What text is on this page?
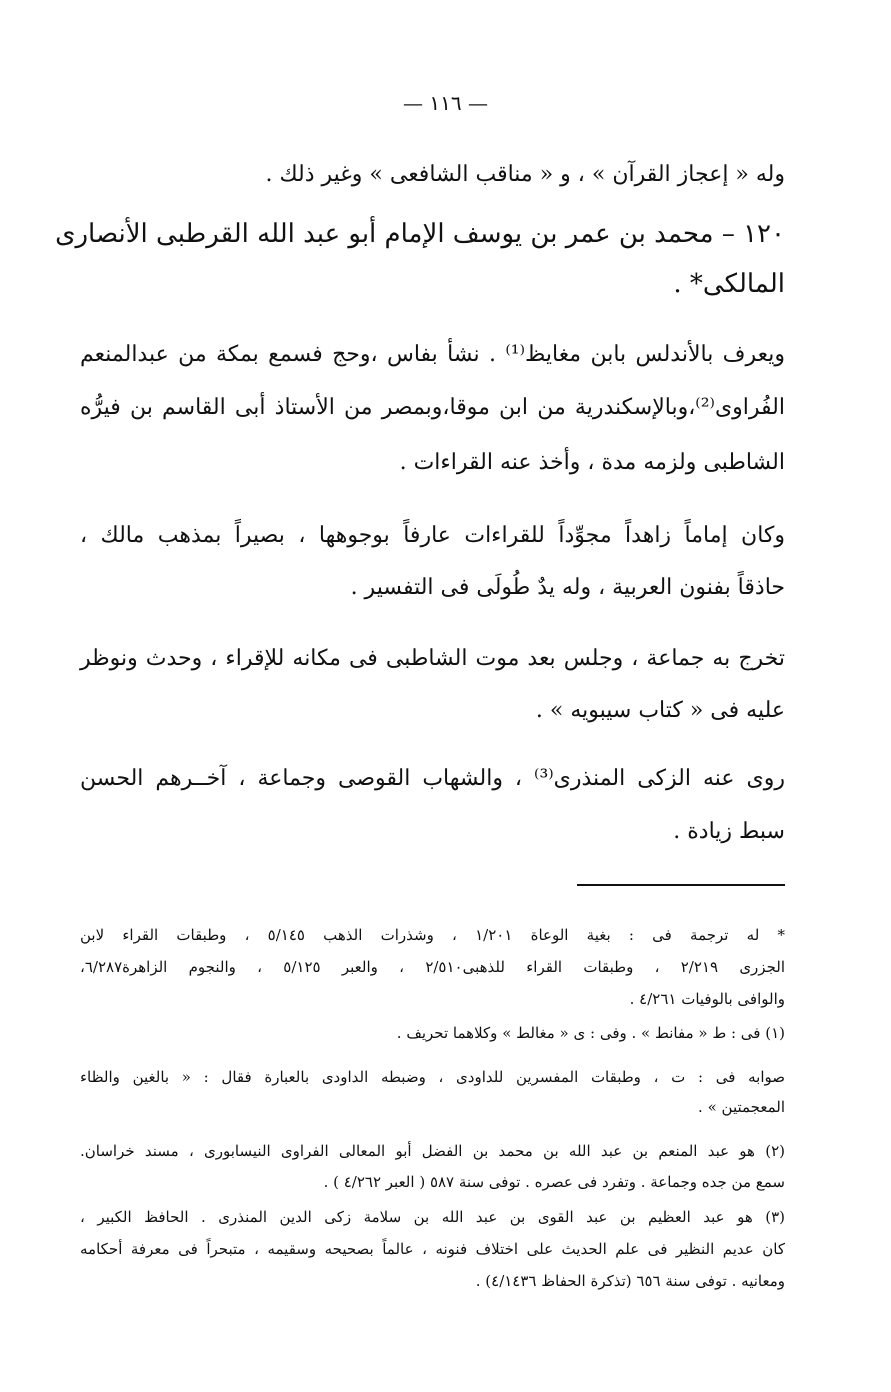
— ١١٦ —
وله « إعجاز القرآن » ، و « مناقب الشافعى » وغير ذلك .
١٢٠ – محمد بن عمر بن يوسف الإمام أبو عبد الله القرطبى الأنصارى
المالكى* .
ويعرف بالأندلس بابن مغايظ⁽¹⁾ . نشأ بفاس ،وحج فسمع بمكة من عبدالمنعم
الفُراوى⁽²⁾،وبالإسكندرية من ابن موقا،وبمصر من الأستاذ أبى القاسم بن فيرُّه
الشاطبى ولزمه مدة ، وأخذ عنه القراءات .
وكان إماماً زاهداً مجوِّداً للقراءات عارفاً بوجوهها ، بصيراً بمذهب مالك ،
حاذقاً بفنون العربية ، وله يدٌ طُولَى فى التفسير .
تخرج به جماعة ، وجلس بعد موت الشاطبى فى مكانه للإقراء ، وحدث ونوظر
عليه فى « كتاب سيبويه » .
روى عنه الزكى المنذرى⁽³⁾ ، والشهاب القوصى وجماعة ، آخــرهم الحسن
سبط زيادة .
* له ترجمة فى : بغية الوعاة ١/٢٠١ ، وشذرات الذهب ٥/١٤٥ ، وطبقات القراء لابن
الجزرى ٢/٢١٩ ، وطبقات القراء للذهبى٢/٥١٠ ، والعبر ٥/١٢٥ ، والنجوم الزاهرة٦/٢٨٧،
والوافى بالوفيات ٤/٢٦١ .
(١) فى : ط « مفانط » . وفى : ى « مغالط » وكلاهما تحريف .
صوابه فى : ت ، وطبقات المفسرين للداودى ، وضبطه الداودى بالعبارة فقال : « بالغين والظاء
المعجمتين » .
(٢) هو عبد المنعم بن عبد الله بن محمد بن الفضل أبو المعالى الفراوى النيسابورى ، مسند خراسان.
سمع من جده وجماعة . وتفرد فى عصره . توفى سنة ٥٨٧ ( العبر ٤/٢٦٢ ) .
(٣) هو عبد العظيم بن عبد القوى بن عبد الله بن سلامة زكى الدين المنذرى . الحافظ الكبير ،
كان عديم النظير فى علم الحديث على اختلاف فنونه ، عالماً بصحيحه وسقيمه ، متبحراً فى معرفة أحكامه
ومعانيه . توفى سنة ٦٥٦ (تذكرة الحفاظ ٤/١٤٣٦) .
